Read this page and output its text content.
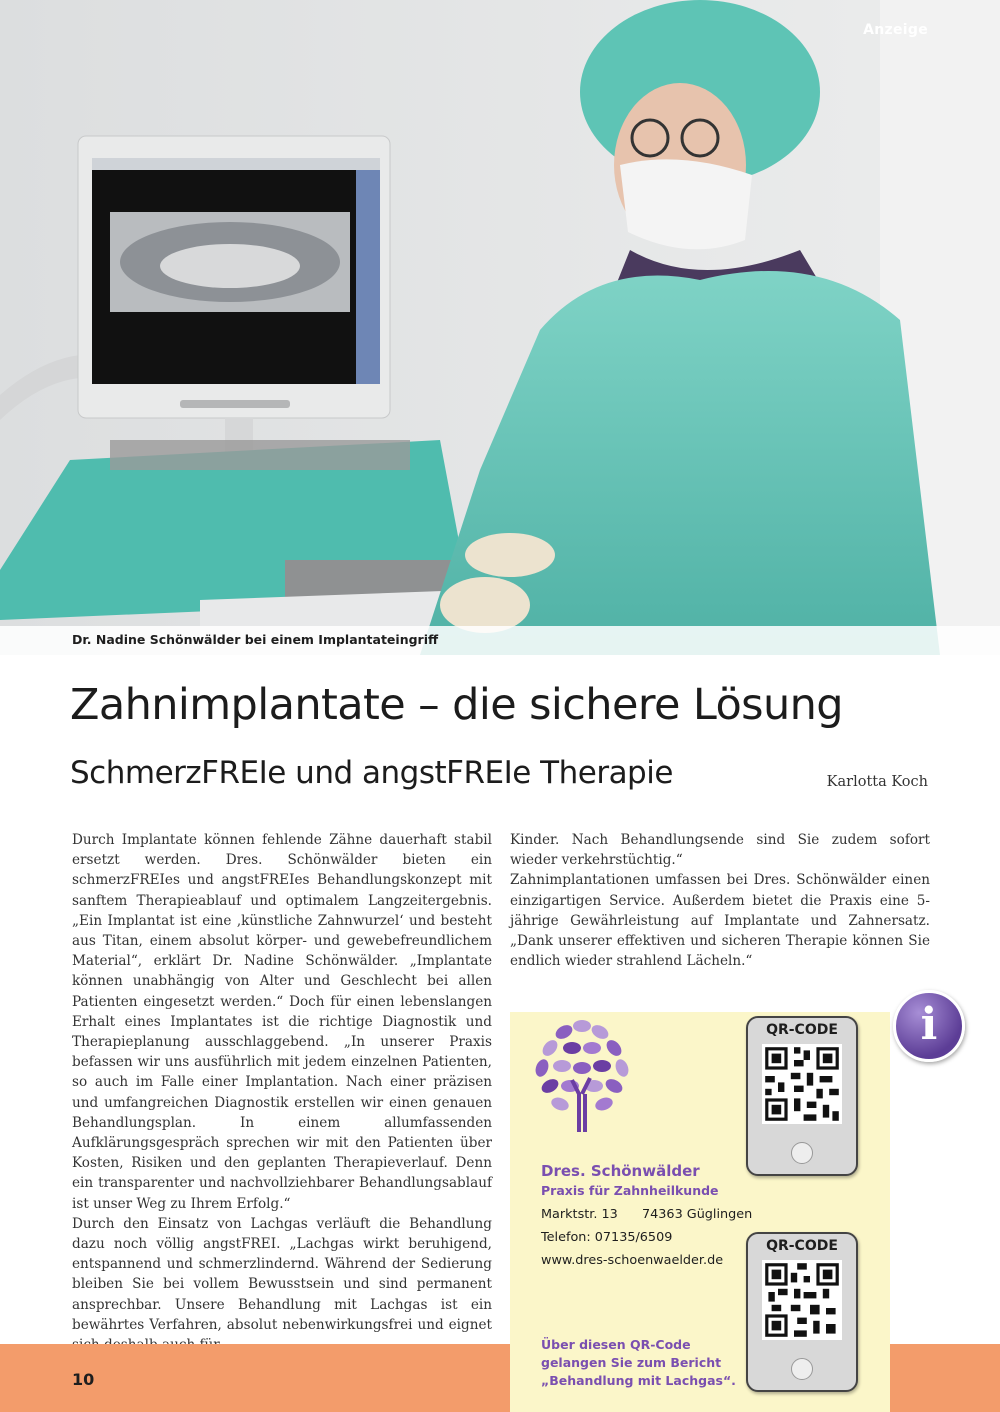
Anzeige
Dr. Nadine Schönwälder bei einem Implantateingriff
Zahnimplantate – die sichere Lösung
SchmerzFREIe und angstFREIe Therapie	Karlotta Koch

Durch Implantate können fehlende Zähne dauerhaft stabil ersetzt werden. Dres. Schönwälder bieten ein schmerzFREIes und angstFREIes Behandlungskonzept mit sanftem Therapieablauf und optimalem Langzeitergebnis. „Ein Implantat ist eine ‚künstliche Zahnwurzel‘ und besteht aus Titan, einem absolut körper- und gewebefreundlichem Material“, erklärt Dr. Nadine Schönwälder. „Implantate können unabhängig von Alter und Geschlecht bei allen Patienten eingesetzt werden.“ Doch für einen lebenslangen Erhalt eines Implantates ist die richtige Diagnostik und Therapieplanung ausschlaggebend. „In unserer Praxis befassen wir uns ausführlich mit jedem einzelnen Patienten, so auch im Falle einer Implantation. Nach einer präzisen und umfangreichen Diagnostik erstellen wir einen genauen Behandlungsplan. In einem allumfassenden Aufklärungsgespräch sprechen wir mit den Patienten über Kosten, Risiken und den geplanten Therapieverlauf. Denn ein transparenter und nachvollziehbarer Behandlungsablauf ist unser Weg zu Ihrem Erfolg.“

Durch den Einsatz von Lachgas verläuft die Behandlung dazu noch völlig angstFREI. „Lachgas wirkt beruhigend, entspannend und schmerzlindernd. Während der Sedierung bleiben Sie bei vollem Bewusstsein und sind permanent ansprechbar. Unsere Behandlung mit Lachgas ist ein bewährtes Verfahren, absolut nebenwirkungsfrei und eignet

Kinder. Nach Behandlungsende sind Sie zudem sofort wieder verkehrstüchtig.“

Zahnimplantationen umfassen bei Dres. Schönwälder einen einzigartigen Service. Außerdem bietet die Praxis eine 5-jährige Gewährleistung auf Implantate und Zahnersatz. „Dank unserer effektiven und sicheren Therapie können Sie endlich wieder strahlend Lächeln.“

10
i
Dres. Schönwälder
Praxis für Zahnheilkunde
Marktstr. 13 74363 Güglingen
Telefon: 07135/6509
www.dres-schoenwaelder.de
Über diesen QR-Code
gelangen Sie zum Bericht
„Behandlung mit Lachgas“.
QR-CODE
QR-CODE
